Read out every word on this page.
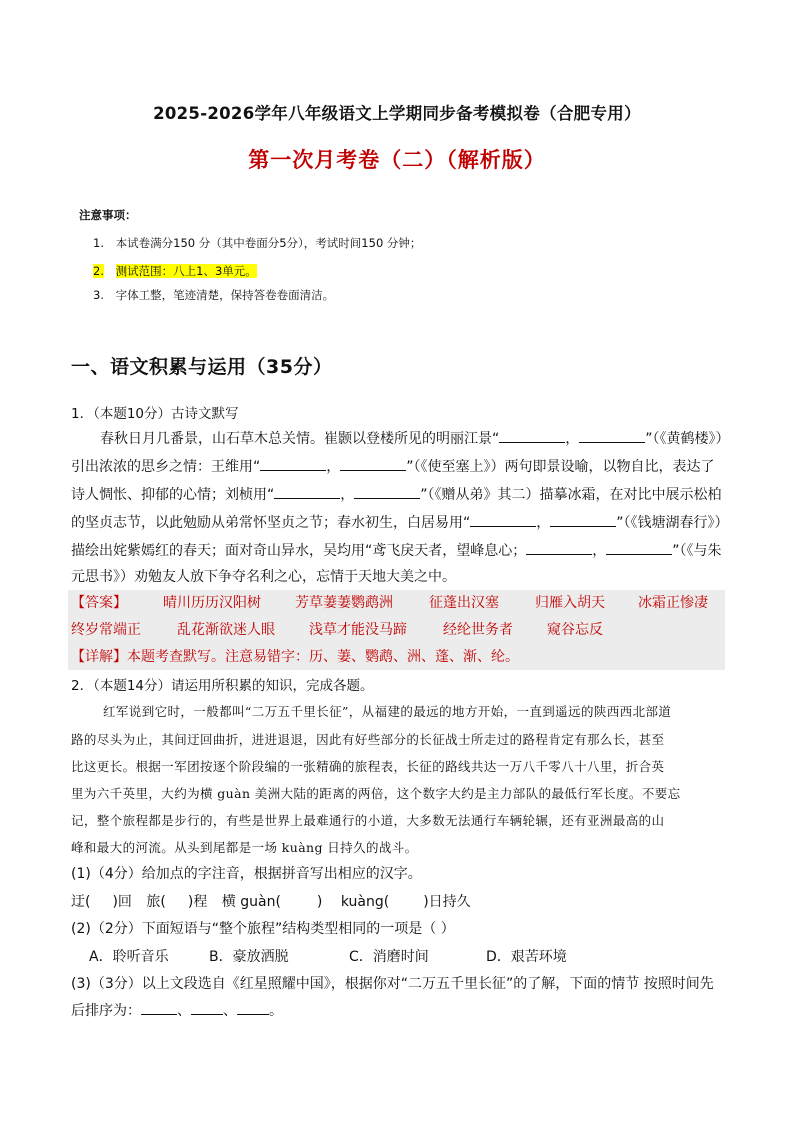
2025-2026学年八年级语文上学期同步备考模拟卷（合肥专用）
第一次月考卷（二）（解析版）
注意事项：
1. 本试卷满分150 分（其中卷面分5分），考试时间150 分钟；
2. 测试范围：八上1、3单元。
3. 字体工整，笔迹清楚，保持答卷卷面清洁。
一、语文积累与运用（35分）
1．（本题10分）古诗文默写
春秋日月几番景，山石草木总关情。崔颢以登楼所见的明丽江景“	，	”（《黄鹤楼》）
引出浓浓的思乡之情：王维用“	，	”（《使至塞上》）两句即景设喻，以物自比，表达了
诗人惆怅、抑郁的心情；刘桢用“	，	”（《赠从弟》其二）描摹冰霜，在对比中展示松柏
的坚贞志节，以此勉励从弟常怀坚贞之节；春水初生，白居易用“	，	”（《钱塘湖春行》）
描绘出姹紫嫣红的春天；面对奇山异水，吴均用“鸢飞戾天者，望峰息心；	，	”（《与朱
元思书》）劝勉友人放下争夺名利之心，忘情于天地大美之中。
【答案】	晴川历历汉阳树 芳草萋萋鹦鹉洲	征蓬出汉塞	归雁入胡天 冰霜正惨凄
终岁常端正	乱花渐欲迷人眼 浅草才能没马蹄	经纶世务者 窥谷忘反
【详解】本题考查默写。注意易错字：历、萋、鹦鹉、洲、蓬、渐、纶。
2．（本题14分）请运用所积累的知识，完成各题。
红军说到它时，一般都叫“二万五千里长征”，从福建的最远的地方开始，一直到遥远的陕西西北部道
路的尽头为止，其间迂回曲折，进进退退，因此有好些部分的长征战士所走过的路程肯定有那么长，甚至
比这更长。根据一军团按逐个阶段编的一张精确的旅程表，长征的路线共达一万八千零八十八里，折合英
里为六千英里，大约为横 guàn 美洲大陆的距离的两倍，这个数字大约是主力部队的最低行军长度。不要忘
记，整个旅程都是步行的，有些是世界上最难通行的小道，大多数无法通行车辆轮辗，还有亚洲最高的山
峰和最大的河流。从头到尾都是一场 kuàng 日持久的战斗。
(1)（4分）给加点的字注音，根据拼音写出相应的汉字。
迂( )回 旅( )程 横 guàn(	) kuàng( )日持久
(2)（2分）下面短语与“整个旅程”结构类型相同的一项是（ ）
A．聆听音乐	B．豪放洒脱	C．消磨时间	D．艰苦环境
(3)（3分）以上文段选自《红星照耀中国》，根据你对“二万五千里长征”的了解，下面的情节 按照时间先
后排序为：	、 、 。
